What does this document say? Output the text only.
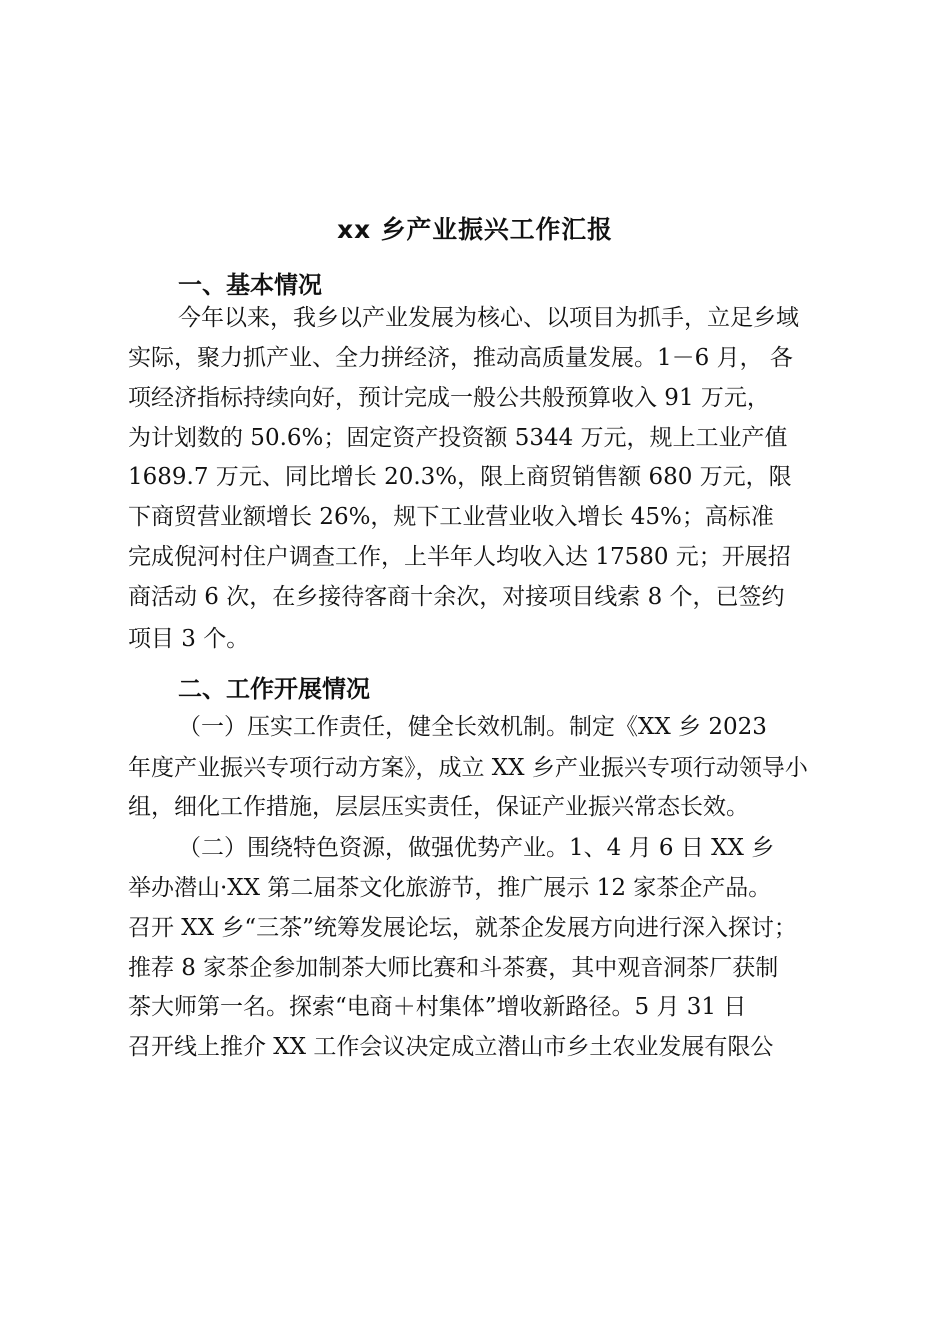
xx 乡产业振兴工作汇报
一、基本情况
今年以来，我乡以产业发展为核心、以项目为抓手，立足乡域
实际，聚力抓产业、全力拼经济，推动高质量发展。1－6 月， 各
项经济指标持续向好，预计完成一般公共般预算收入 91 万元，
为计划数的 50.6%；固定资产投资额 5344 万元，规上工业产值
1689.7 万元、同比增长 20.3%，限上商贸销售额 680 万元，限
下商贸营业额增长 26%，规下工业营业收入增长 45%；高标准
完成倪河村住户调查工作，上半年人均收入达 17580 元；开展招
商活动 6 次，在乡接待客商十余次，对接项目线索 8 个，已签约
项目 3 个。
二、工作开展情况
（一）压实工作责任，健全长效机制。制定《XX 乡 2023
年度产业振兴专项行动方案》，成立 XX 乡产业振兴专项行动领导小
组，细化工作措施，层层压实责任，保证产业振兴常态长效。
（二）围绕特色资源，做强优势产业。1、4 月 6 日 XX 乡
举办潜山·XX 第二届茶文化旅游节，推广展示 12 家茶企产品。
召开 XX 乡“三茶”统筹发展论坛，就茶企发展方向进行深入探讨；
推荐 8 家茶企参加制茶大师比赛和斗茶赛，其中观音洞茶厂获制
茶大师第一名。探索“电商＋村集体”增收新路径。5 月 31 日
召开线上推介 XX 工作会议决定成立潜山市乡土农业发展有限公
